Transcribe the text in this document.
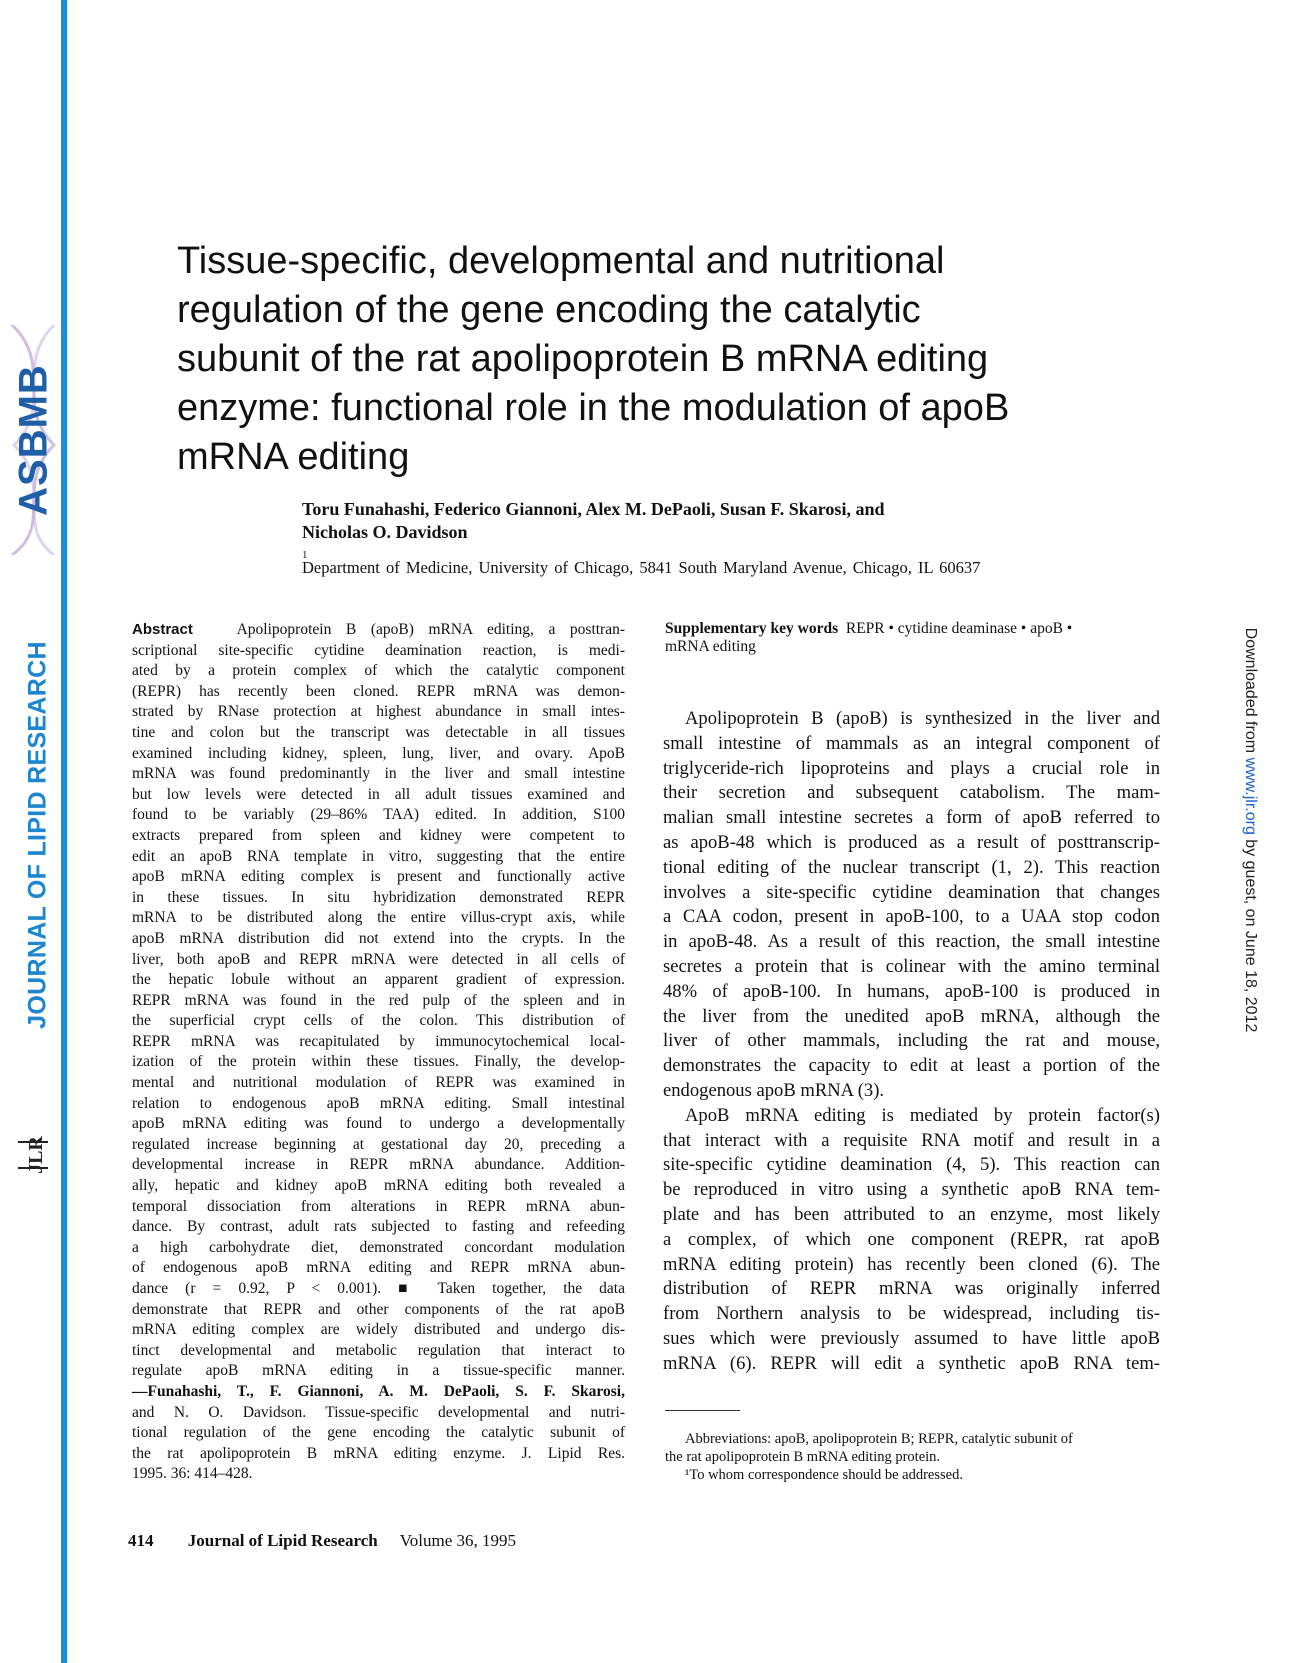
ASBMB
JOURNAL OF LIPID RESEARCH
JLR
Downloaded from www.jlr.org by guest, on June 18, 2012
Tissue-specific, developmental and nutritional
regulation of the gene encoding the catalytic
subunit of the rat apolipoprotein B mRNA editing
enzyme: functional role in the modulation of apoB
mRNA editing
Toru Funahashi, Federico Giannoni, Alex M. DePaoli, Susan F. Skarosi, and
Nicholas O. Davidson
$^1$
Department of Medicine, University of Chicago, 5841 South Maryland Avenue, Chicago, IL 60637
Abstract	Apolipoprotein B (apoB) mRNA editing, a posttran-
scriptional site-specific cytidine deamination reaction, is medi-
ated by a protein complex of which the catalytic component
(REPR) has recently been cloned. REPR mRNA was demon-
strated by RNase protection at highest abundance in small intes-
tine and colon but the transcript was detectable in all tissues
examined including kidney, spleen, lung, liver, and ovary. ApoB
mRNA was found predominantly in the liver and small intestine
but low levels were detected in all adult tissues examined and
found to be variably (29–86% TAA) edited. In addition, S100
extracts prepared from spleen and kidney were competent to
edit an apoB RNA template in vitro, suggesting that the entire
apoB mRNA editing complex is present and functionally active
in these tissues. In situ hybridization demonstrated REPR
mRNA to be distributed along the entire villus-crypt axis, while
apoB mRNA distribution did not extend into the crypts. In the
liver, both apoB and REPR mRNA were detected in all cells of
the hepatic lobule without an apparent gradient of expression.
REPR mRNA was found in the red pulp of the spleen and in
the superficial crypt cells of the colon. This distribution of
REPR mRNA was recapitulated by immunocytochemical local-
ization of the protein within these tissues. Finally, the develop-
mental and nutritional modulation of REPR was examined in
relation to endogenous apoB mRNA editing. Small intestinal
apoB mRNA editing was found to undergo a developmentally
regulated increase beginning at gestational day 20, preceding a
developmental increase in REPR mRNA abundance. Addition-
ally, hepatic and kidney apoB mRNA editing both revealed a
temporal dissociation from alterations in REPR mRNA abun-
dance. By contrast, adult rats subjected to fasting and refeeding
a high carbohydrate diet, demonstrated concordant modulation
of endogenous apoB mRNA editing and REPR mRNA abun-
dance (r = 0.92, P < 0.001). ■ Taken together, the data
demonstrate that REPR and other components of the rat apoB
mRNA editing complex are widely distributed and undergo dis-
tinct developmental and metabolic regulation that interact to
regulate apoB mRNA editing in a tissue-specific manner.
—Funahashi, T., F. Giannoni, A. M. DePaoli, S. F. Skarosi,
and N. O. Davidson. Tissue-specific developmental and nutri-
tional regulation of the gene encoding the catalytic subunit of
the rat apolipoprotein B mRNA editing enzyme. J. Lipid Res.
1995. 36: 414–428.
Supplementary key words REPR • cytidine deaminase • apoB •
mRNA editing
Apolipoprotein B (apoB) is synthesized in the liver and
small intestine of mammals as an integral component of
triglyceride-rich lipoproteins and plays a crucial role in
their secretion and subsequent catabolism. The mam-
malian small intestine secretes a form of apoB referred to
as apoB-48 which is produced as a result of posttranscrip-
tional editing of the nuclear transcript (1, 2). This reaction
involves a site-specific cytidine deamination that changes
a CAA codon, present in apoB-100, to a UAA stop codon
in apoB-48. As a result of this reaction, the small intestine
secretes a protein that is colinear with the amino terminal
48% of apoB-100. In humans, apoB-100 is produced in
the liver from the unedited apoB mRNA, although the
liver of other mammals, including the rat and mouse,
demonstrates the capacity to edit at least a portion of the
endogenous apoB mRNA (3).
ApoB mRNA editing is mediated by protein factor(s)
that interact with a requisite RNA motif and result in a
site-specific cytidine deamination (4, 5). This reaction can
be reproduced in vitro using a synthetic apoB RNA tem-
plate and has been attributed to an enzyme, most likely
a complex, of which one component (REPR, rat apoB
mRNA editing protein) has recently been cloned (6). The
distribution of REPR mRNA was originally inferred
from Northern analysis to be widespread, including tis-
sues which were previously assumed to have little apoB
mRNA (6). REPR will edit a synthetic apoB RNA tem-
Abbreviations: apoB, apolipoprotein B; REPR, catalytic subunit of
the rat apolipoprotein B mRNA editing protein.
¹To whom correspondence should be addressed.
414 Journal of Lipid Research Volume 36, 1995
